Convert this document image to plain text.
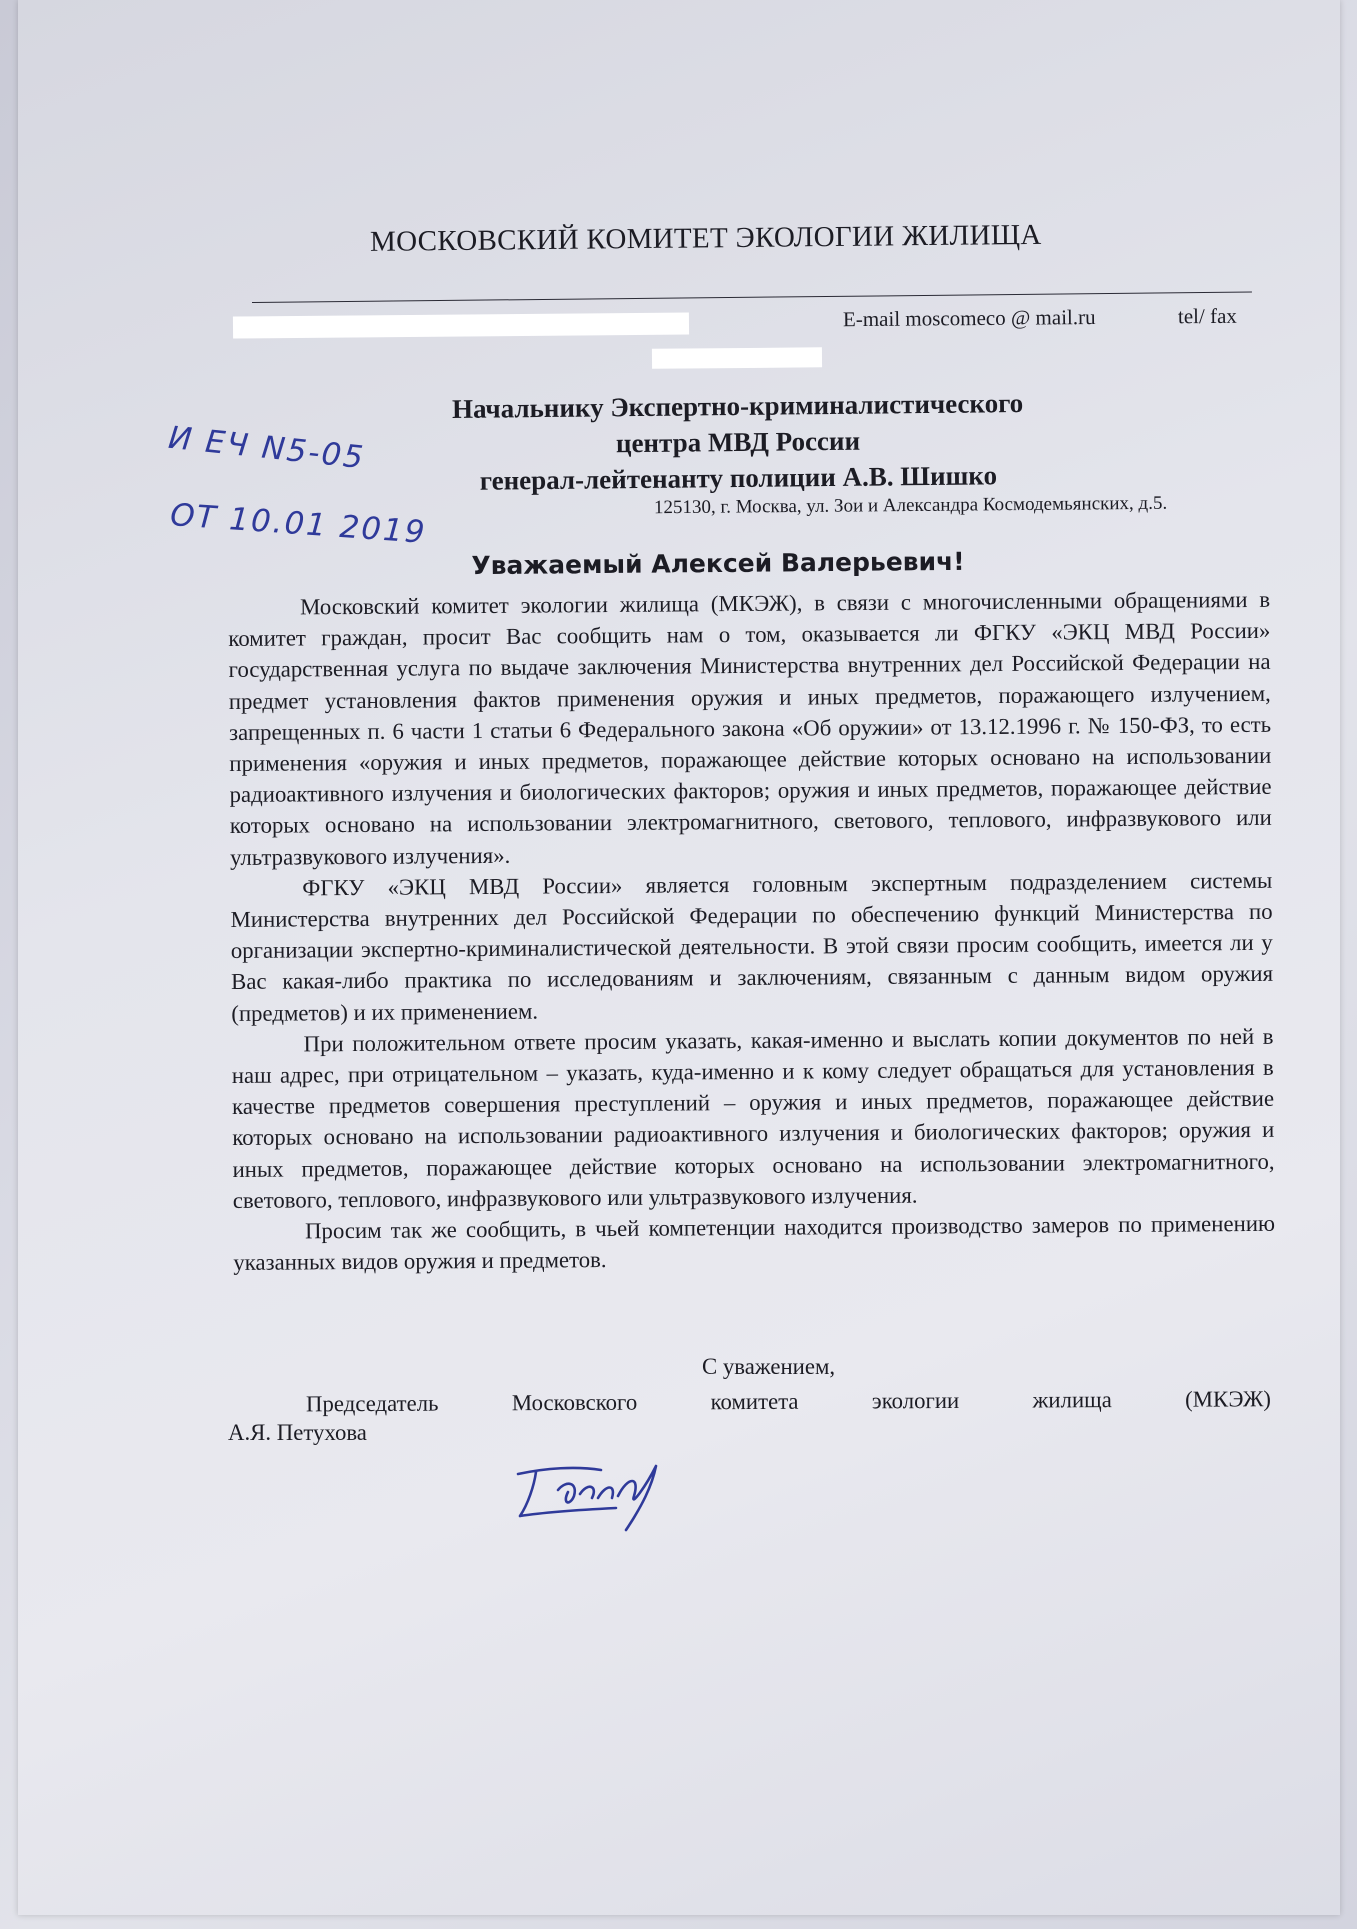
МОСКОВСКИЙ КОМИТЕТ ЭКОЛОГИИ ЖИЛИЩА
E-mail moscomeco @ mail.ru	tel/ fax
Начальнику Экспертно-криминалистического
центра МВД России
генерал-лейтенанту полиции А.В. Шишко
125130, г. Москва, ул. Зои и Александра Космодемьянских, д.5.
И ЕЧ N5-05
ОТ 10.01 2019
Уважаемый Алексей Валерьевич!

Московский комитет экологии жилища (МКЭЖ), в связи с многочисленными обращениями в комитет граждан, просит Вас сообщить нам о том, оказывается ли ФГКУ «ЭКЦ МВД России» государственная услуга по выдаче заключения Министерства внутренних дел Российской Федерации на предмет установления фактов применения оружия и иных предметов, поражающего излучением, запрещенных п. 6 части 1 статьи 6 Федерального закона «Об оружии» от 13.12.1996 г. № 150-ФЗ, то есть применения «оружия и иных предметов, поражающее действие которых основано на использовании радиоактивного излучения и биологических факторов; оружия и иных предметов, поражающее действие которых основано на использовании электромагнитного, светового, теплового, инфразвукового или ультразвукового излучения».

ФГКУ «ЭКЦ МВД России» является головным экспертным подразделением системы Министерства внутренних дел Российской Федерации по обеспечению функций Министерства по организации экспертно-криминалистической деятельности. В этой связи просим сообщить, имеется ли у Вас какая-либо практика по исследованиям и заключениям, связанным с данным видом оружия (предметов) и их применением.

При положительном ответе просим указать, какая-именно и выслать копии документов по ней в наш адрес, при отрицательном – указать, куда-именно и к кому следует обращаться для установления в качестве предметов совершения преступлений – оружия и иных предметов, поражающее действие которых основано на использовании радиоактивного излучения и биологических факторов; оружия и иных предметов, поражающее действие которых основано на использовании электромагнитного, светового, теплового, инфразвукового или ультразвукового излучения.

Просим так же сообщить, в чьей компетенции находится производство замеров по применению указанных видов оружия и предметов.

С уважением,

Председатель Московского комитета экологии жилища (МКЭЖ)

А.Я. Петухова
